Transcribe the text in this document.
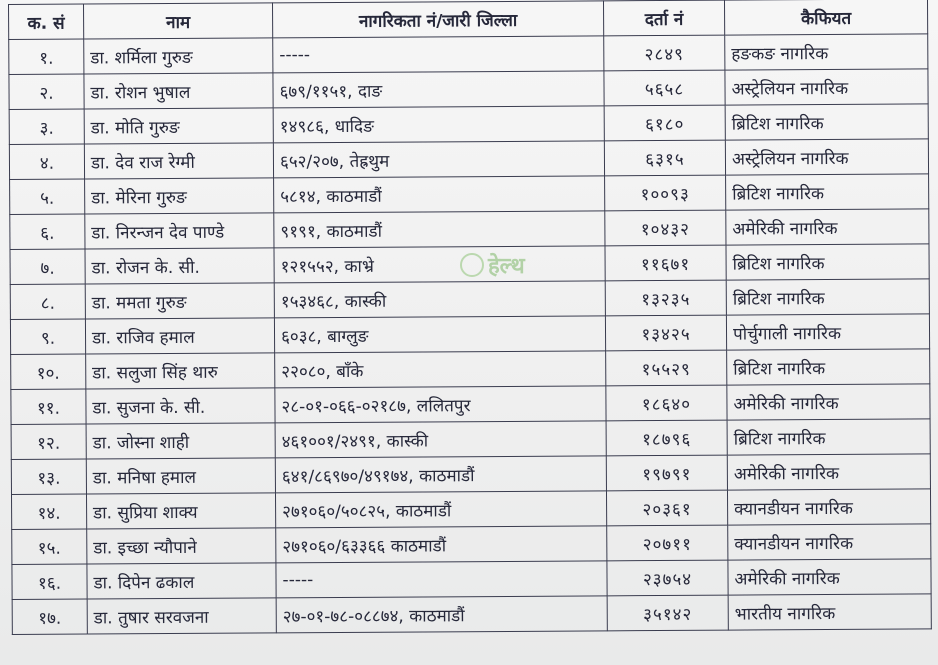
क. सं	नाम	नागरिकता नं/जारी जिल्ला	दर्ता नं	कैफियत
१.	डा. शर्मिला गुरुङ	-----	२८४९	हङकङ नागरिक
२.	डा. रोशन भुषाल	६७९/११५१, दाङ	५६५८	अस्ट्रेलियन नागरिक
३.	डा. मोति गुरुङ	१४९८६, धादिङ	६१८०	ब्रिटिश नागरिक
४.	डा. देव राज रेग्मी	६५२/२०७, तेह्रथुम	६३१५	अस्ट्रेलियन नागरिक
५.	डा. मेरिना गुरुङ	५८१४, काठमाडौं	१००९३	ब्रिटिश नागरिक
६.	डा. निरन्जन देव पाण्डे	९१९१, काठमाडौं	१०४३२	अमेरिकी नागरिक
७.	डा. रोजन के. सी.	१२१५५२, काभ्रे	११६७१	ब्रिटिश नागरिक
८.	डा. ममता गुरुङ	१५३४६८, कास्की	१३२३५	ब्रिटिश नागरिक
९.	डा. राजिव हमाल	६०३८, बाग्लुङ	१३४२५	पोर्चुगाली नागरिक
१०.	डा. सलुजा सिंह थारु	२२०८०, बाँके	१५५२९	ब्रिटिश नागरिक
११.	डा. सुजना के. सी.	२८-०१-०६६-०२१८७, ललितपुर	१८६४०	अमेरिकी नागरिक
१२.	डा. जोस्ना शाही	४६१००१/२४९१, कास्की	१८७९६	ब्रिटिश नागरिक
१३.	डा. मनिषा हमाल	६४१/८६९७०/४९१७४, काठमाडौं	१९७९१	अमेरिकी नागरिक
१४.	डा. सुप्रिया शाक्य	२७१०६०/५०८२५, काठमाडौं	२०३६१	क्यानडीयन नागरिक
१५.	डा. इच्छा न्यौपाने	२७१०६०/६३३६६ काठमाडौं	२०७११	क्यानडीयन नागरिक
१६.	डा. दिपेन ढकाल	-----	२३७५४	अमेरिकी नागरिक
१७.	डा. तुषार सरवजना	२७-०१-७८-०८८७४, काठमाडौं	३५१४२	भारतीय नागरिक
हेल्थ
